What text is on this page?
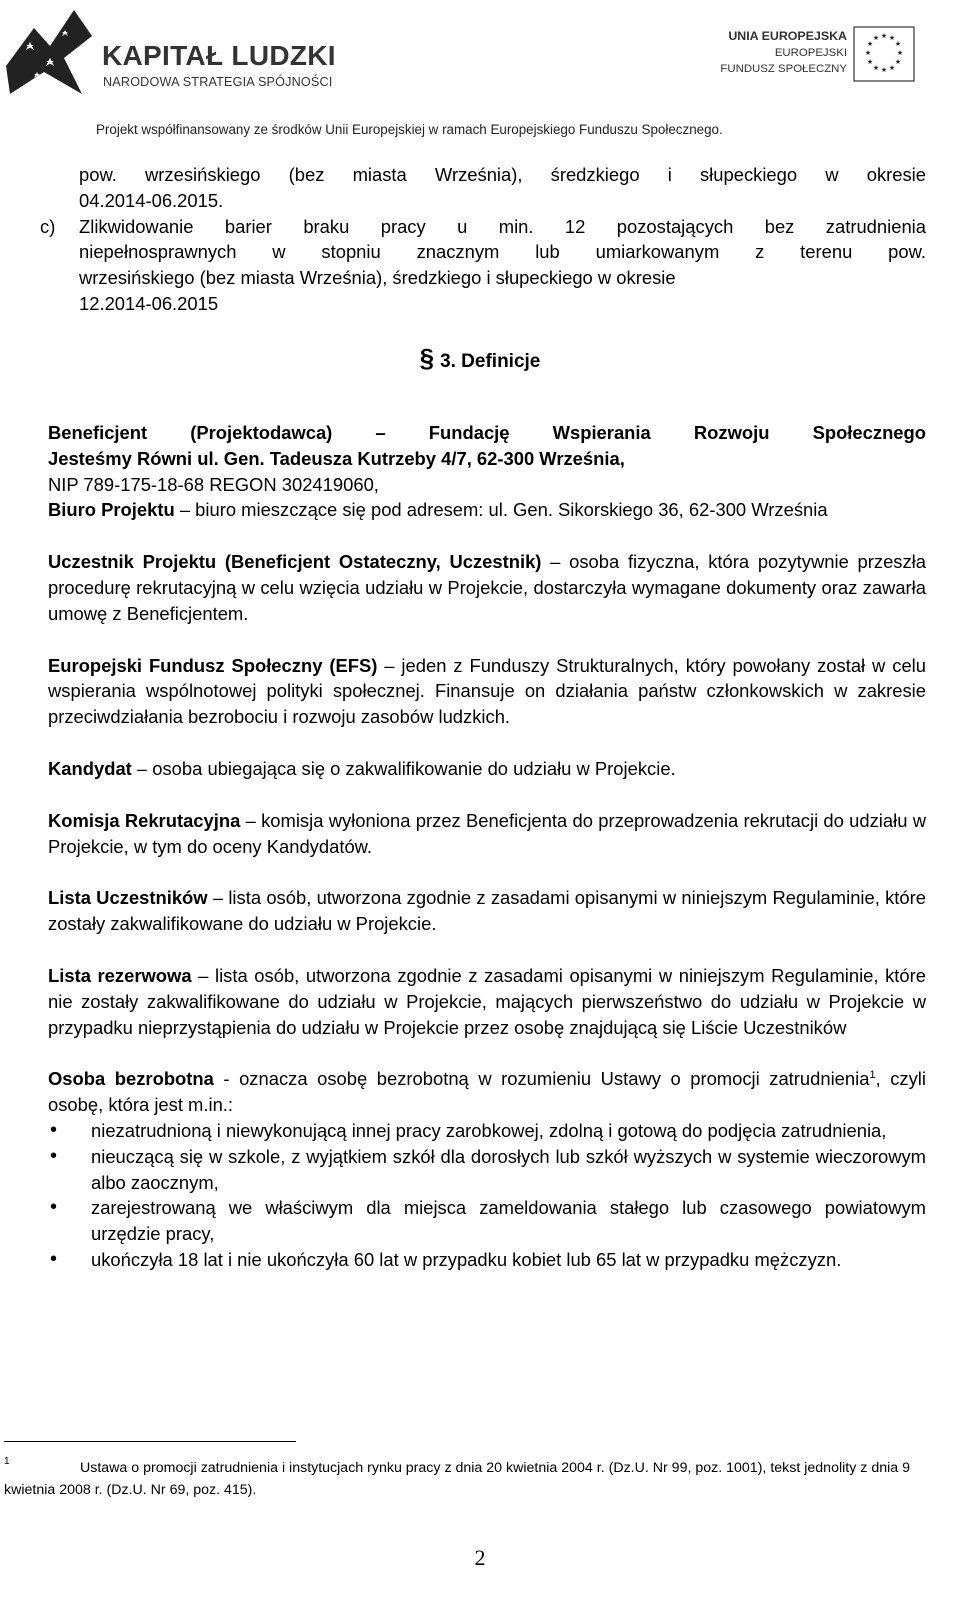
KAPITAŁ LUDZKI
NARODOWA STRATEGIA SPÓJNOŚCI
UNIA EUROPEJSKA
EUROPEJSKI
FUNDUSZ SPOŁECZNY
★ ★
★
★
★
★
★
★
★
★
★
★
Projekt współfinansowany ze środków Unii Europejskiej w ramach Europejskiego Funduszu Społecznego.
pow. wrzesińskiego (bez miasta Września), średzkiego i słupeckiego w okresie
04.2014-06.2015.
c) Zlikwidowanie barier braku pracy u min. 12 pozostających bez zatrudnienia
niepełnosprawnych w stopniu znacznym lub umiarkowanym z terenu pow.
wrzesińskiego (bez miasta Września), średzkiego i słupeckiego w okresie
12.2014-06.2015
§ 3. Definicje
Beneficjent (Projektodawca) – Fundację Wspierania Rozwoju Społecznego
Jesteśmy Równi ul. Gen. Tadeusza Kutrzeby 4/7, 62-300 Września,
NIP 789-175-18-68 REGON 302419060,
Biuro Projektu – biuro mieszczące się pod adresem: ul. Gen. Sikorskiego 36, 62-300 Września
Uczestnik Projektu (Beneficjent Ostateczny, Uczestnik) – osoba fizyczna, która pozytywnie przeszła procedurę rekrutacyjną w celu wzięcia udziału w Projekcie, dostarczyła wymagane dokumenty oraz zawarła umowę z Beneficjentem.
Europejski Fundusz Społeczny (EFS) – jeden z Funduszy Strukturalnych, który powołany został w celu wspierania wspólnotowej polityki społecznej. Finansuje on działania państw członkowskich w zakresie przeciwdziałania bezrobociu i rozwoju zasobów ludzkich.
Kandydat – osoba ubiegająca się o zakwalifikowanie do udziału w Projekcie.
Komisja Rekrutacyjna – komisja wyłoniona przez Beneficjenta do przeprowadzenia rekrutacji do udziału w Projekcie, w tym do oceny Kandydatów.
Lista Uczestników – lista osób, utworzona zgodnie z zasadami opisanymi w niniejszym Regulaminie, które zostały zakwalifikowane do udziału w Projekcie.
Lista rezerwowa – lista osób, utworzona zgodnie z zasadami opisanymi w niniejszym Regulaminie, które nie zostały zakwalifikowane do udziału w Projekcie, mających pierwszeństwo do udziału w Projekcie w przypadku nieprzystąpienia do udziału w Projekcie przez osobę znajdującą się Liście Uczestników
Osoba bezrobotna - oznacza osobę bezrobotną w rozumieniu Ustawy o promocji zatrudnienia$^1$, czyli osobę, która jest m.in.:
• niezatrudnioną i niewykonującą innej pracy zarobkowej, zdolną i gotową do podjęcia zatrudnienia,
• nieuczącą się w szkole, z wyjątkiem szkół dla dorosłych lub szkół wyższych w systemie wieczorowym albo zaocznym,
• zarejestrowaną we właściwym dla miejsca zameldowania stałego lub czasowego powiatowym urzędzie pracy,
• ukończyła 18 lat i nie ukończyła 60 lat w przypadku kobiet lub 65 lat w przypadku mężczyzn.
1	Ustawa o promocji zatrudnienia i instytucjach rynku pracy z dnia 20 kwietnia 2004 r. (Dz.U. Nr 99, poz. 1001), tekst jednolity z dnia 9 kwietnia 2008 r. (Dz.U. Nr 69, poz. 415).
2
